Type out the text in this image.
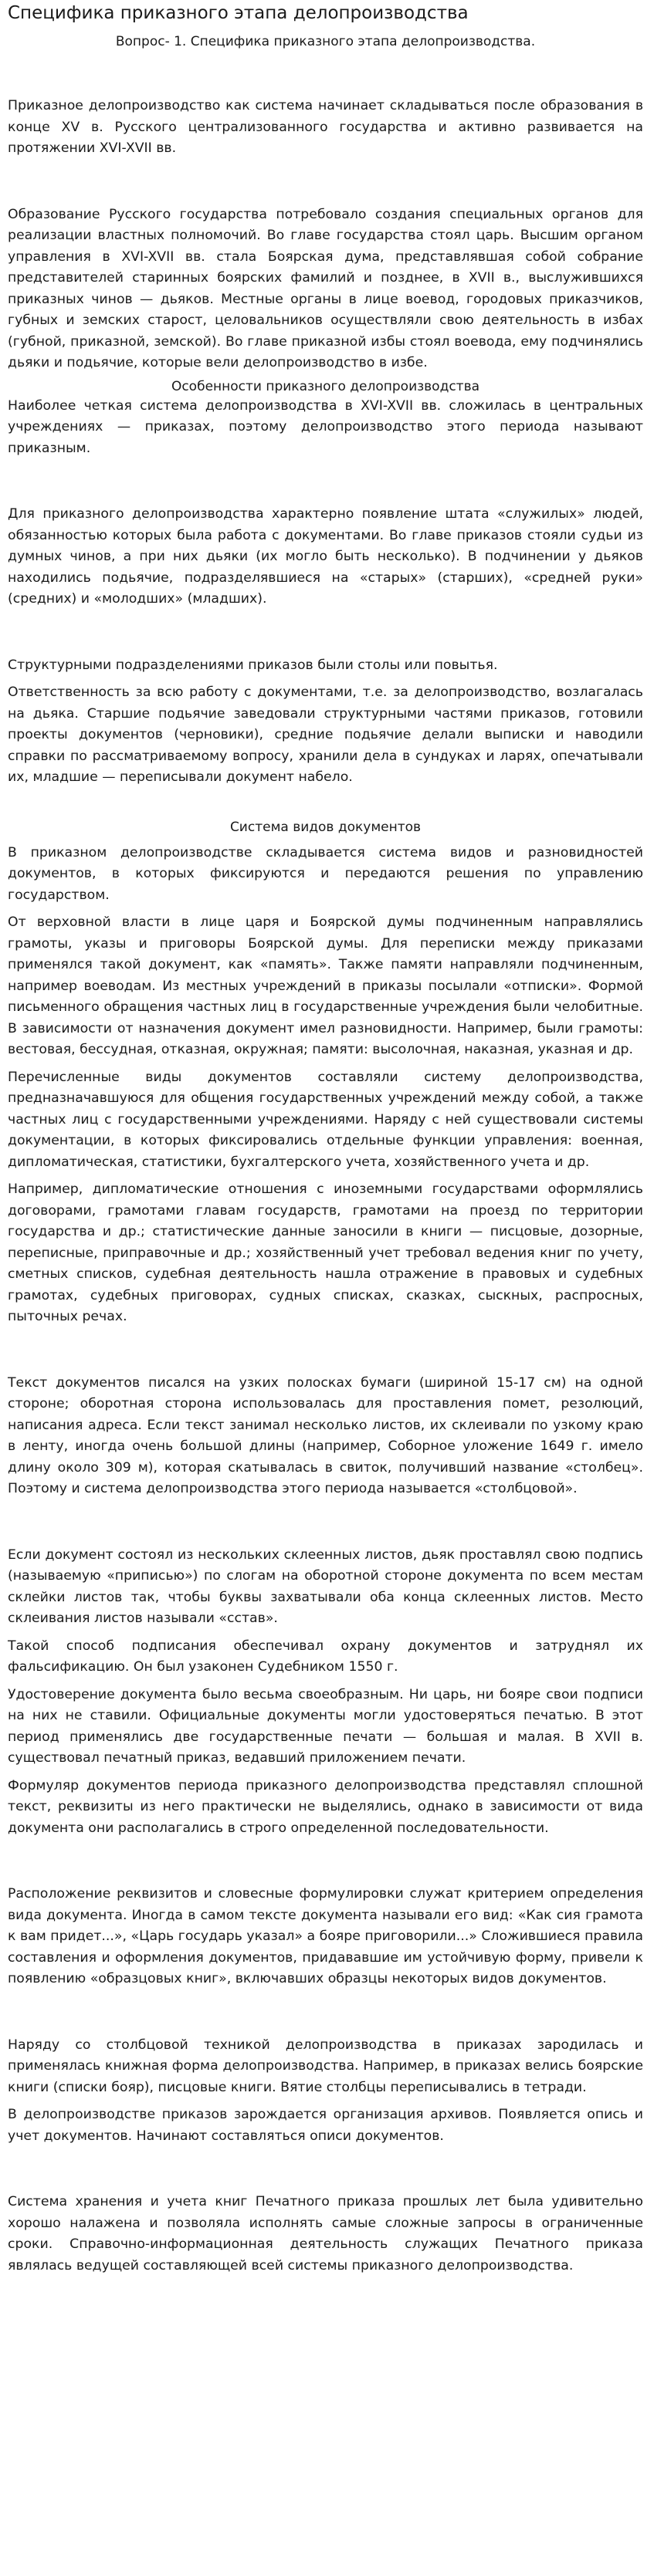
Специфика приказного этапа делопроизводства
Вопрос- 1. Специфика приказного этапа делопроизводства.

Приказное делопроизводство как система начинает складываться после образования в конце XV в. Русского централизованного государства и активно развивается на протяжении XVI-XVII вв.

Образование Русского государства потребовало создания специальных органов для реализации властных полномочий. Во главе государства стоял царь. Высшим органом управления в XVI-XVII вв. стала Боярская дума, представлявшая собой собрание представителей старинных боярских фамилий и позднее, в XVII в., выслужившихся приказных чинов — дьяков. Местные органы в лице воевод, городовых приказчиков, губных и земских старост, целовальников осуществляли свою деятельность в избах (губной, приказной, земской). Во главе приказной избы стоял воевода, ему подчинялись дьяки и подьячие, которые вели делопроизводство в избе.

Особенности приказного делопроизводства

Наиболее четкая система делопроизводства в XVI-XVII вв. сложилась в центральных учреждениях — приказах, поэтому делопроизводство этого периода называют приказным.

Для приказного делопроизводства характерно появление штата «служилых» людей, обязанностью которых была работа с документами. Во главе приказов стояли судьи из думных чинов, а при них дьяки (их могло быть несколько). В подчинении у дьяков находились подьячие, подразделявшиеся на «старых» (старших), «средней руки» (средних) и «молодших» (младших).

Структурными подразделениями приказов были столы или повытья.

Ответственность за всю работу с документами, т.е. за делопроизводство, возлагалась на дьяка. Старшие подьячие заведовали структурными частями приказов, готовили проекты документов (черновики), средние подьячие делали выписки и наводили справки по рассматриваемому вопросу, хранили дела в сундуках и ларях, опечатывали их, младшие — переписывали документ набело.

Система видов документов

В приказном делопроизводстве складывается система видов и разновидностей документов, в которых фиксируются и передаются решения по управлению государством.

От верховной власти в лице царя и Боярской думы подчиненным направлялись грамоты, указы и приговоры Боярской думы. Для переписки между приказами применялся такой документ, как «память». Также памяти направляли подчиненным, например воеводам. Из местных учреждений в приказы посылали «отписки». Формой письменного обращения частных лиц в государственные учреждения были челобитные. В зависимости от назначения документ имел разновидности. Например, были грамоты: вестовая, бессудная, отказная, окружная; памяти: высолочная, наказная, указная и др.

Перечисленные виды документов составляли систему делопроизводства, предназначавшуюся для общения государственных учреждений между собой, а также частных лиц с государственными учреждениями. Наряду с ней существовали системы документации, в которых фиксировались отдельные функции управления: военная, дипломатическая, статистики, бухгалтерского учета, хозяйственного учета и др.

Например, дипломатические отношения с иноземными государствами оформлялись договорами, грамотами главам государств, грамотами на проезд по территории государства и др.; статистические данные заносили в книги — писцовые, дозорные, переписные, приправочные и др.; хозяйственный учет требовал ведения книг по учету, сметных списков, судебная деятельность нашла отражение в правовых и судебных грамотах, судебных приговорах, судных списках, сказках, сыскных, распросных, пыточных речах.

Текст документов писался на узких полосках бумаги (шириной 15-17 см) на одной стороне; оборотная сторона использовалась для проставления помет, резолюций, написания адреса. Если текст занимал несколько листов, их склеивали по узкому краю в ленту, иногда очень большой длины (например, Соборное уложение 1649 г. имело длину около 309 м), которая скатывалась в свиток, получивший название «столбец». Поэтому и система делопроизводства этого периода называется «столбцовой».

Если документ состоял из нескольких склеенных листов, дьяк проставлял свою подпись (называемую «приписью») по слогам на оборотной стороне документа по всем местам склейки листов так, чтобы буквы захватывали оба конца склеенных листов. Место склеивания листов называли «сстав».

Такой способ подписания обеспечивал охрану документов и затруднял их фальсификацию. Он был узаконен Судебником 1550 г.

Удостоверение документа было весьма своеобразным. Ни царь, ни бояре свои подписи на них не ставили. Официальные документы могли удостоверяться печатью. В этот период применялись две государственные печати — большая и малая. В XVII в. существовал печатный приказ, ведавший приложением печати.

Формуляр документов периода приказного делопроизводства представлял сплошной текст, реквизиты из него практически не выделялись, однако в зависимости от вида документа они располагались в строго определенной последовательности.

Расположение реквизитов и словесные формулировки служат критерием определения вида документа. Иногда в самом тексте документа называли его вид: «Как сия грамота к вам придет...», «Царь государь указал» а бояре приговорили...» Сложившиеся правила составления и оформления документов, придававшие им устойчивую форму, привели к появлению «образцовых книг», включавших образцы некоторых видов документов.

Наряду со столбцовой техникой делопроизводства в приказах зародилась и применялась книжная форма делопроизводства. Например, в приказах велись боярские книги (списки бояр), писцовые книги. Вятие столбцы переписывались в тетради.

В делопроизводстве приказов зарождается организация архивов. Появляется опись и учет документов. Начинают составляться описи документов.

Система хранения и учета книг Печатного приказа прошлых лет была удивительно хорошо налажена и позволяла исполнять самые сложные запросы в ограниченные сроки. Справочно-информационная деятельность служащих Печатного приказа являлась ведущей составляющей всей системы приказного делопроизводства.
